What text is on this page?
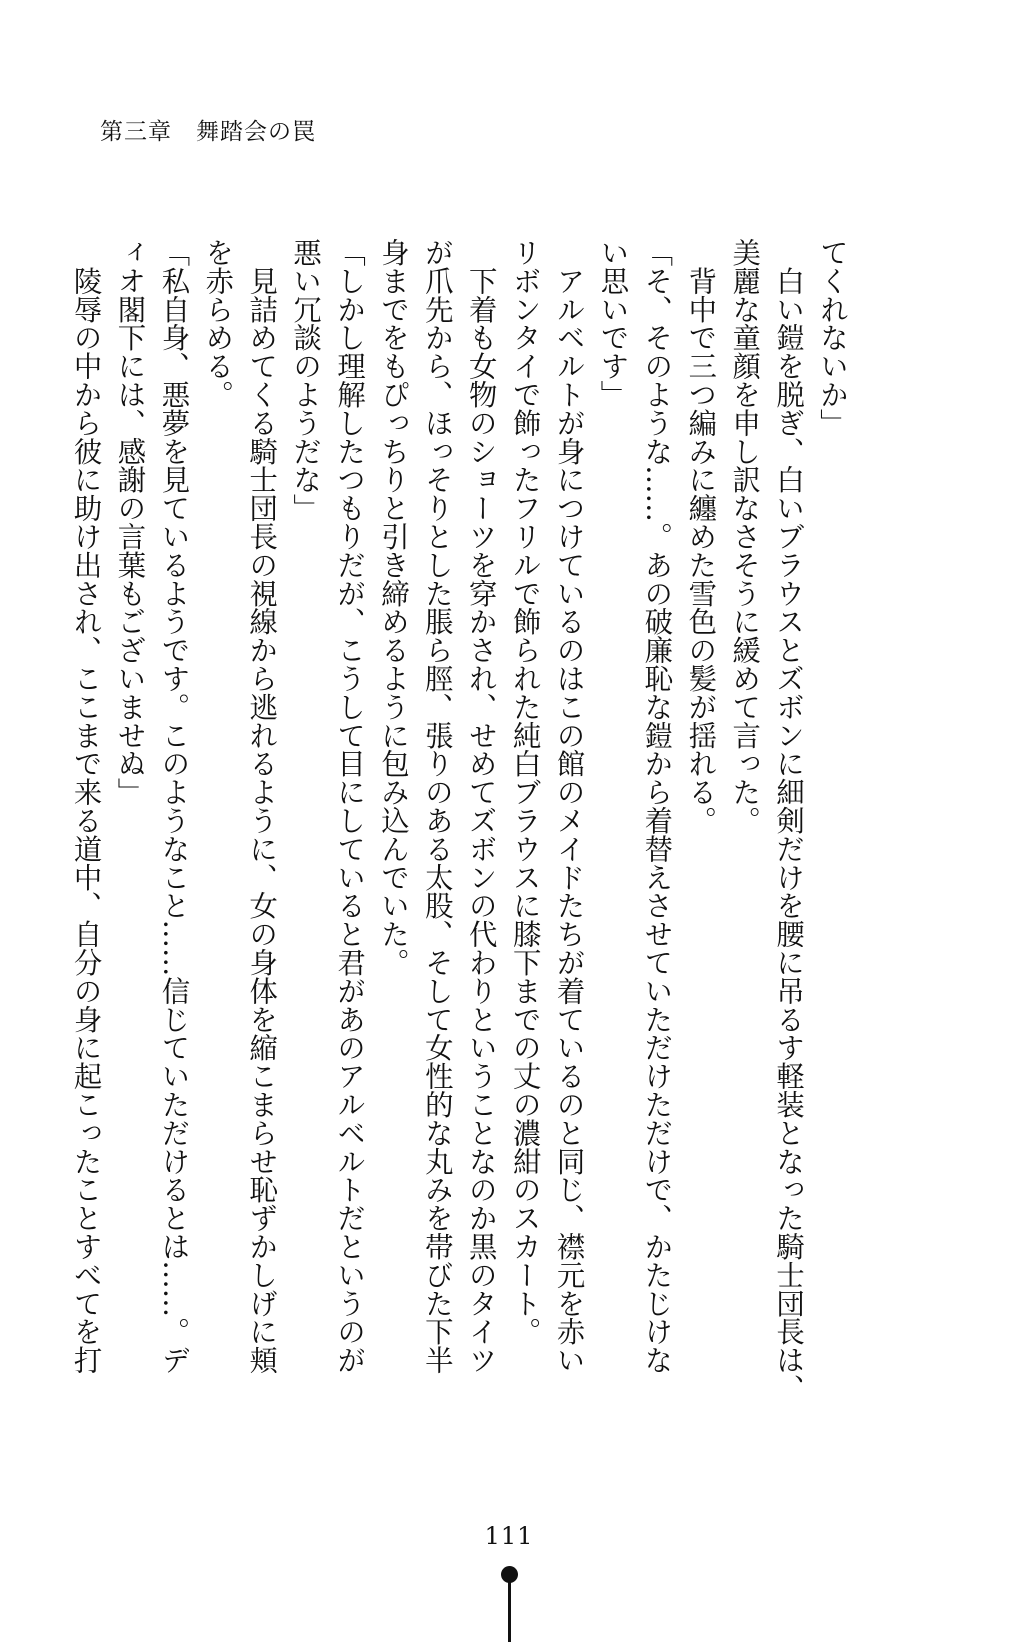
第三章　舞踏会の罠
てくれないか」
　白い鎧を脱ぎ、白いブラウスとズボンに細剣だけを腰に吊るす軽装となった騎士団長は、
美麗な童顔を申し訳なさそうに緩めて言った。
　背中で三つ編みに纏めた雪色の髪が揺れる。
「そ、そのような……。あの破廉恥な鎧から着替えさせていただけただけで、かたじけな
い思いです」
　アルベルトが身につけているのはこの館のメイドたちが着ているのと同じ、襟元を赤い
リボンタイで飾ったフリルで飾られた純白ブラウスに膝下までの丈の濃紺のスカート。
　下着も女物のショーツを穿かされ、せめてズボンの代わりということなのか黒のタイツ
が爪先から、ほっそりとした脹ら脛、張りのある太股、そして女性的な丸みを帯びた下半
身までをもぴっちりと引き締めるように包み込んでいた。
「しかし理解したつもりだが、こうして目にしていると君があのアルベルトだというのが
悪い冗談のようだな」
　見詰めてくる騎士団長の視線から逃れるように、女の身体を縮こまらせ恥ずかしげに頬
を赤らめる。
「私自身、悪夢を見ているようです。このようなこと……信じていただけるとは……。デ
ィオ閣下には、感謝の言葉もございませぬ」
　陵辱の中から彼に助け出され、ここまで来る道中、自分の身に起こったことすべてを打
111
